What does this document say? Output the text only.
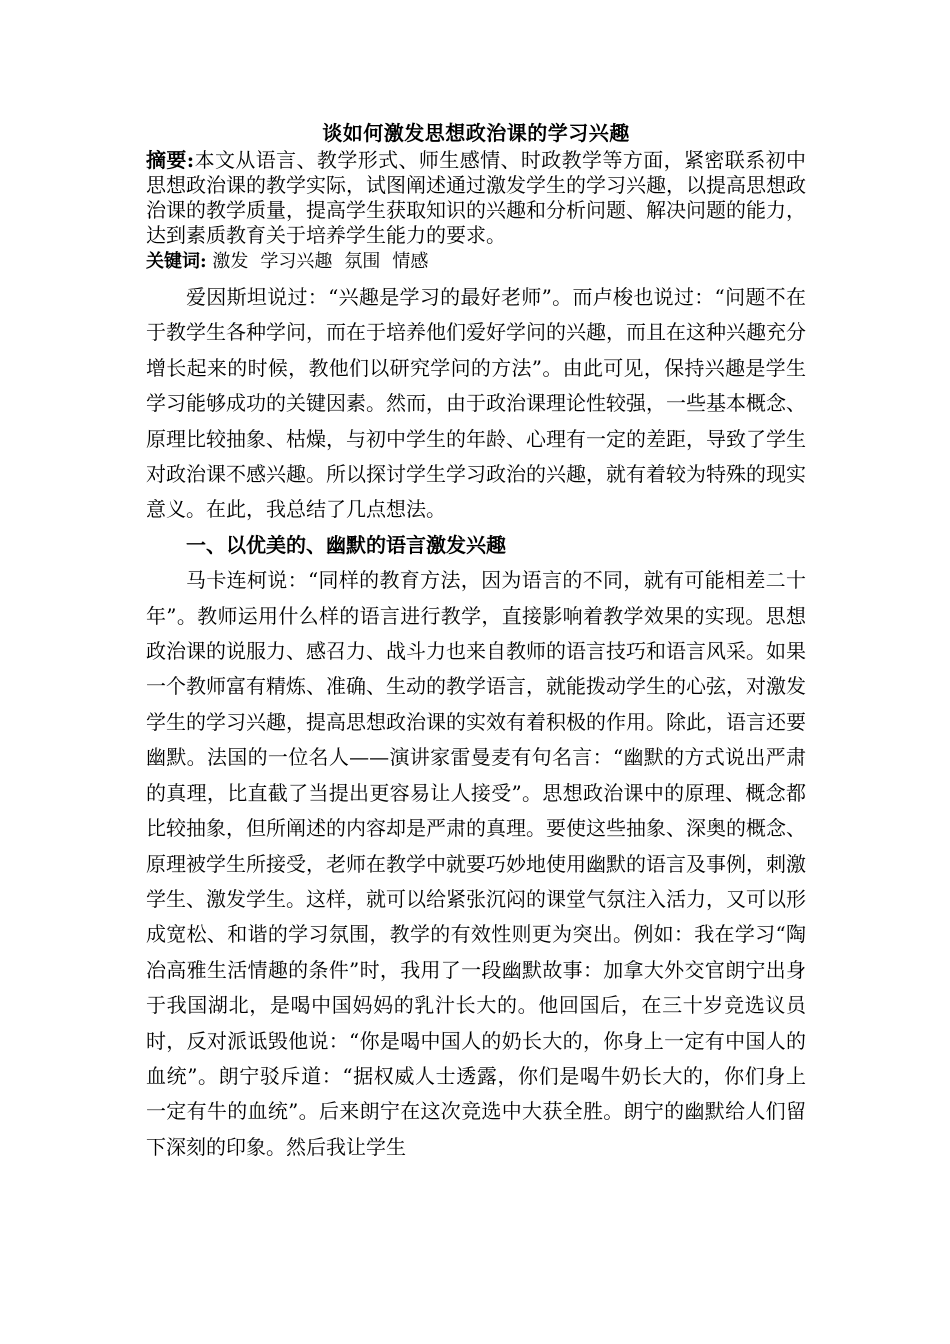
谈如何激发思想政治课的学习兴趣

摘要:本文从语言、教学形式、师生感情、时政教学等方面，紧密联系初中思想政治课的教学实际，试图阐述通过激发学生的学习兴趣，以提高思想政治课的教学质量，提高学生获取知识的兴趣和分析问题、解决问题的能力，达到素质教育关于培养学生能力的要求。

关键词: 激发 学习兴趣 氛围 情感

爱因斯坦说过：“兴趣是学习的最好老师”。而卢梭也说过：“问题不在于教学生各种学问，而在于培养他们爱好学问的兴趣，而且在这种兴趣充分增长起来的时候，教他们以研究学问的方法”。由此可见，保持兴趣是学生学习能够成功的关键因素。然而，由于政治课理论性较强，一些基本概念、原理比较抽象、枯燥，与初中学生的年龄、心理有一定的差距，导致了学生对政治课不感兴趣。所以探讨学生学习政治的兴趣，就有着较为特殊的现实意义。在此，我总结了几点想法。

一、以优美的、幽默的语言激发兴趣

马卡连柯说：“同样的教育方法，因为语言的不同，就有可能相差二十年”。教师运用什么样的语言进行教学，直接影响着教学效果的实现。思想政治课的说服力、感召力、战斗力也来自教师的语言技巧和语言风采。如果一个教师富有精炼、准确、生动的教学语言，就能拨动学生的心弦，对激发学生的学习兴趣，提高思想政治课的实效有着积极的作用。除此，语言还要幽默。法国的一位名人——演讲家雷曼麦有句名言：“幽默的方式说出严肃的真理，比直截了当提出更容易让人接受”。思想政治课中的原理、概念都比较抽象，但所阐述的内容却是严肃的真理。要使这些抽象、深奥的概念、原理被学生所接受，老师在教学中就要巧妙地使用幽默的语言及事例，刺激学生、激发学生。这样，就可以给紧张沉闷的课堂气氛注入活力，又可以形成宽松、和谐的学习氛围，教学的有效性则更为突出。例如：我在学习“陶冶高雅生活情趣的条件”时，我用了一段幽默故事：加拿大外交官朗宁出身于我国湖北，是喝中国妈妈的乳汁长大的。他回国后，在三十岁竞选议员时，反对派诋毁他说：“你是喝中国人的奶长大的，你身上一定有中国人的血统”。朗宁驳斥道：“据权威人士透露，你们是喝牛奶长大的，你们身上一定有牛的血统”。后来朗宁在这次竞选中大获全胜。朗宁的幽默给人们留下深刻的印象。然后我让学生
